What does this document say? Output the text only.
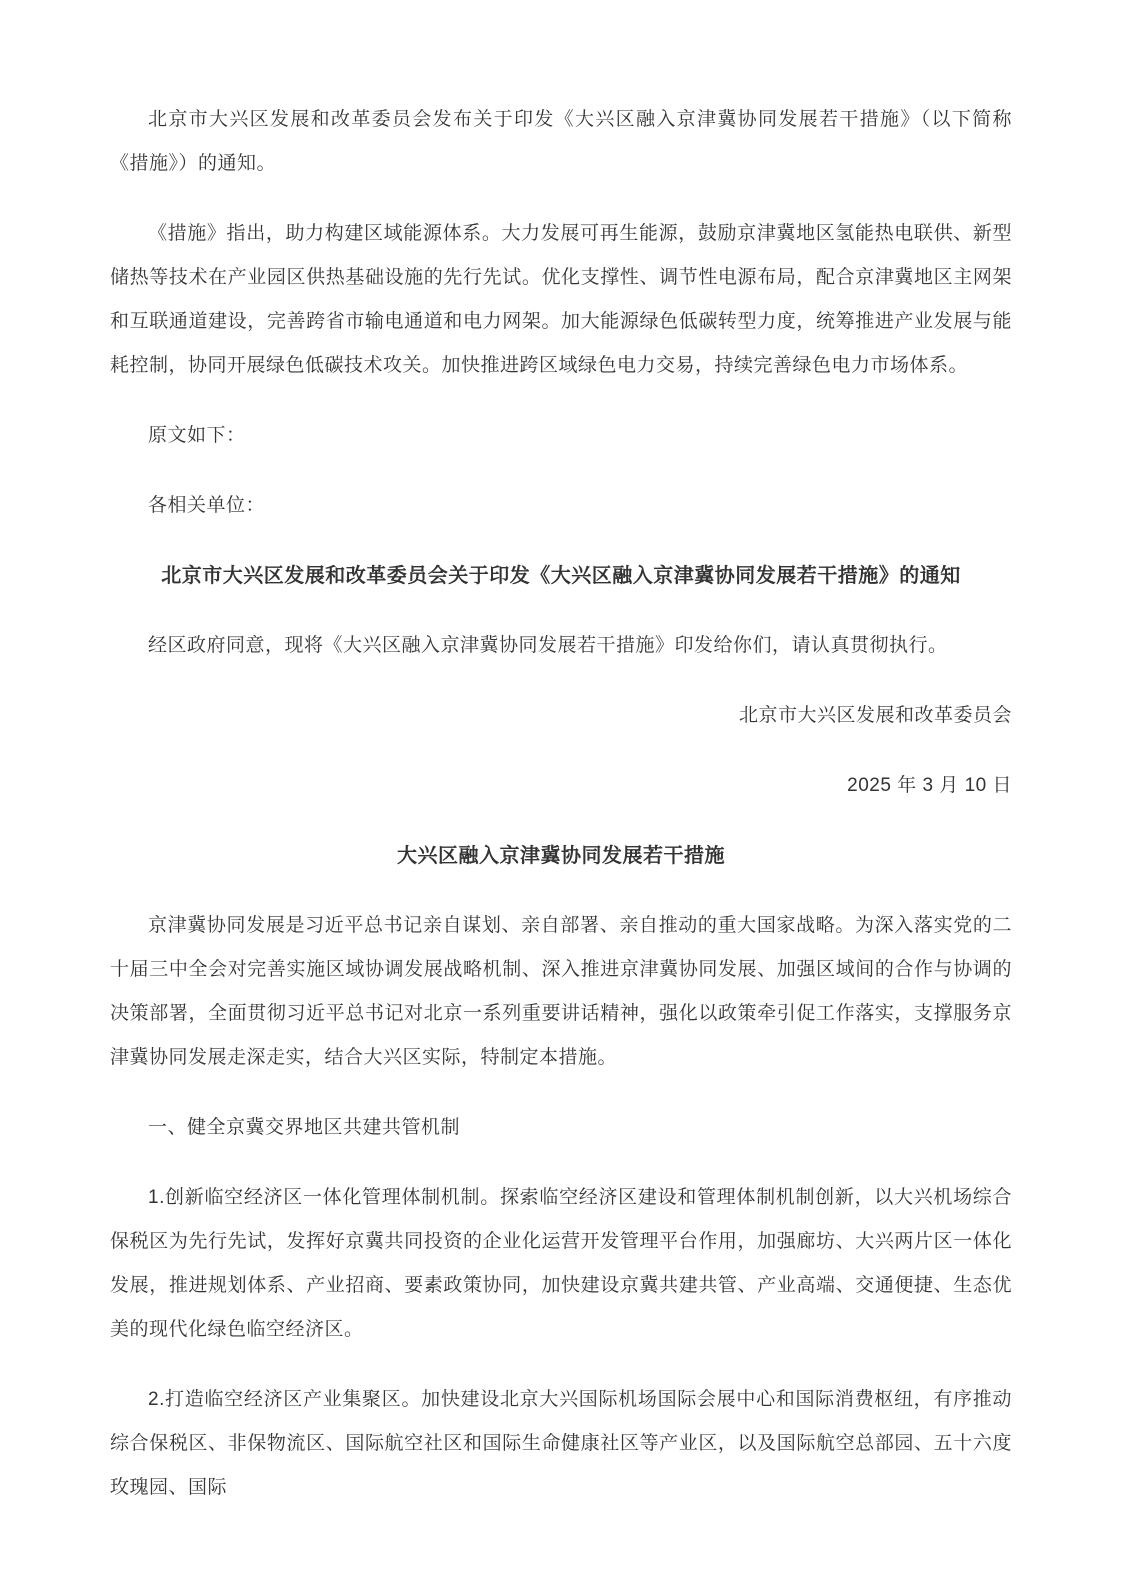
北京市大兴区发展和改革委员会发布关于印发《大兴区融入京津冀协同发展若干措施》（以下简称《措施》）的通知。

《措施》指出，助力构建区域能源体系。大力发展可再生能源，鼓励京津冀地区氢能热电联供、新型储热等技术在产业园区供热基础设施的先行先试。优化支撑性、调节性电源布局，配合京津冀地区主网架和互联通道建设，完善跨省市输电通道和电力网架。加大能源绿色低碳转型力度，统筹推进产业发展与能耗控制，协同开展绿色低碳技术攻关。加快推进跨区域绿色电力交易，持续完善绿色电力市场体系。

原文如下：

各相关单位：

北京市大兴区发展和改革委员会关于印发《大兴区融入京津冀协同发展若干措施》的通知

经区政府同意，现将《大兴区融入京津冀协同发展若干措施》印发给你们，请认真贯彻执行。

北京市大兴区发展和改革委员会

2025 年 3 月 10 日

大兴区融入京津冀协同发展若干措施

京津冀协同发展是习近平总书记亲自谋划、亲自部署、亲自推动的重大国家战略。为深入落实党的二十届三中全会对完善实施区域协调发展战略机制、深入推进京津冀协同发展、加强区域间的合作与协调的决策部署，全面贯彻习近平总书记对北京一系列重要讲话精神，强化以政策牵引促工作落实，支撑服务京津冀协同发展走深走实，结合大兴区实际，特制定本措施。

一、健全京冀交界地区共建共管机制

1.创新临空经济区一体化管理体制机制。探索临空经济区建设和管理体制机制创新，以大兴机场综合保税区为先行先试，发挥好京冀共同投资的企业化运营开发管理平台作用，加强廊坊、大兴两片区一体化发展，推进规划体系、产业招商、要素政策协同，加快建设京冀共建共管、产业高端、交通便捷、生态优美的现代化绿色临空经济区。

2.打造临空经济区产业集聚区。加快建设北京大兴国际机场国际会展中心和国际消费枢纽，有序推动综合保税区、非保物流区、国际航空社区和国际生命健康社区等产业区，以及国际航空总部园、五十六度玫瑰园、国际
